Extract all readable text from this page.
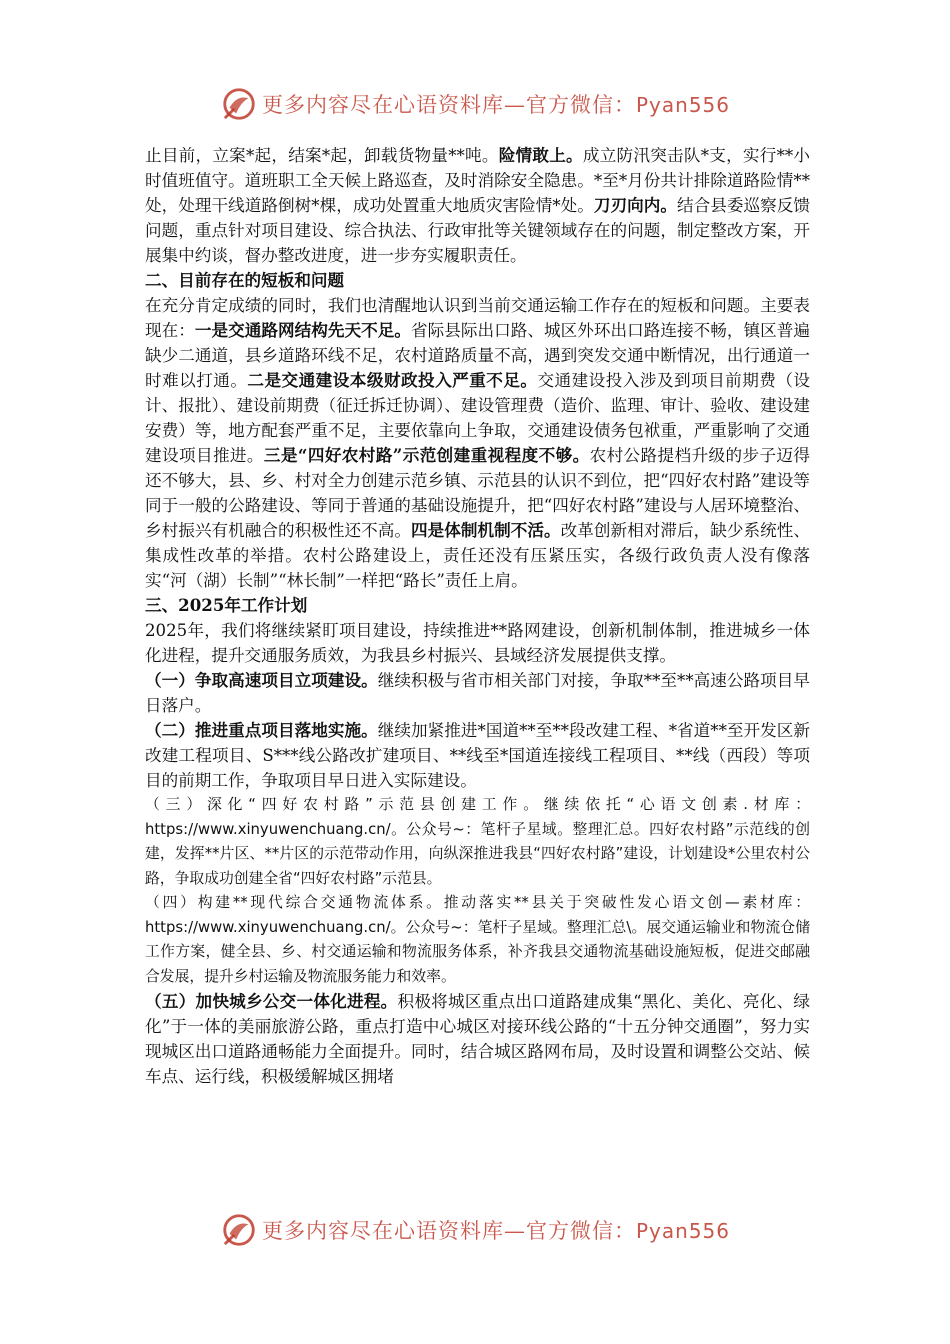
更多内容尽在心语资料库—官方微信：Pyan556

止目前，立案*起，结案*起，卸载货物量**吨。险情敢上。成立防汛突击队*支，实行**小时值班值守。道班职工全天候上路巡查，及时消除安全隐患。*至*月份共计排除道路险情**处，处理干线道路倒树*棵，成功处置重大地质灾害险情*处。刀刃向内。结合县委巡察反馈问题，重点针对项目建设、综合执法、行政审批等关键领域存在的问题，制定整改方案，开展集中约谈，督办整改进度，进一步夯实履职责任。

二、目前存在的短板和问题

在充分肯定成绩的同时，我们也清醒地认识到当前交通运输工作存在的短板和问题。主要表现在：一是交通路网结构先天不足。省际县际出口路、城区外环出口路连接不畅，镇区普遍缺少二通道，县乡道路环线不足，农村道路质量不高，遇到突发交通中断情况，出行通道一时难以打通。二是交通建设本级财政投入严重不足。交通建设投入涉及到项目前期费（设计、报批）、建设前期费（征迁拆迁协调）、建设管理费（造价、监理、审计、验收、建设建安费）等，地方配套严重不足，主要依靠向上争取，交通建设债务包袱重，严重影响了交通建设项目推进。三是“四好农村路”示范创建重视程度不够。农村公路提档升级的步子迈得还不够大，县、乡、村对全力创建示范乡镇、示范县的认识不到位，把“四好农村路”建设等同于一般的公路建设、等同于普通的基础设施提升，把“四好农村路”建设与人居环境整治、乡村振兴有机融合的积极性还不高。四是体制机制不活。改革创新相对滞后，缺少系统性、集成性改革的举措。农村公路建设上，责任还没有压紧压实，各级行政负责人没有像落实“河（湖）长制”“林长制”一样把“路长”责任上肩。

三、2025年工作计划

2025年，我们将继续紧盯项目建设，持续推进**路网建设，创新机制体制，推进城乡一体化进程，提升交通服务质效，为我县乡村振兴、县域经济发展提供支撑。

（一）争取高速项目立项建设。继续积极与省市相关部门对接，争取**至**高速公路项目早日落户。

（二）推进重点项目落地实施。继续加紧推进*国道**至**段改建工程、*省道**至开发区新改建工程项目、S***线公路改扩建项目、**线至*国道连接线工程项目、**线（西段）等项目的前期工作，争取项目早日进入实际建设。

（三）深化“四好农村路”示范县创建工作。继续依托“心语文创素.材库：https://www.xinyuwenchuang.cn/。公众号~：笔杆子星域。整理汇总。四好农村路”示范线的创建，发挥**片区、**片区的示范带动作用，向纵深推进我县“四好农村路”建设，计划建设*公里农村公路，争取成功创建全省“四好农村路”示范县。

（四）构建**现代综合交通物流体系。推动落实**县关于突破性发心语文创—素材库：https://www.xinyuwenchuang.cn/。公众号~：笔杆子星域。整理汇总\。展交通运输业和物流仓储工作方案，健全县、乡、村交通运输和物流服务体系，补齐我县交通物流基础设施短板，促进交邮融合发展，提升乡村运输及物流服务能力和效率。

（五）加快城乡公交一体化进程。积极将城区重点出口道路建成集“黑化、美化、亮化、绿化”于一体的美丽旅游公路，重点打造中心城区对接环线公路的“十五分钟交通圈”，努力实现城区出口道路通畅能力全面提升。同时，结合城区路网布局，及时设置和调整公交站、候车点、运行线，积极缓解城区拥堵

更多内容尽在心语资料库—官方微信：Pyan556
